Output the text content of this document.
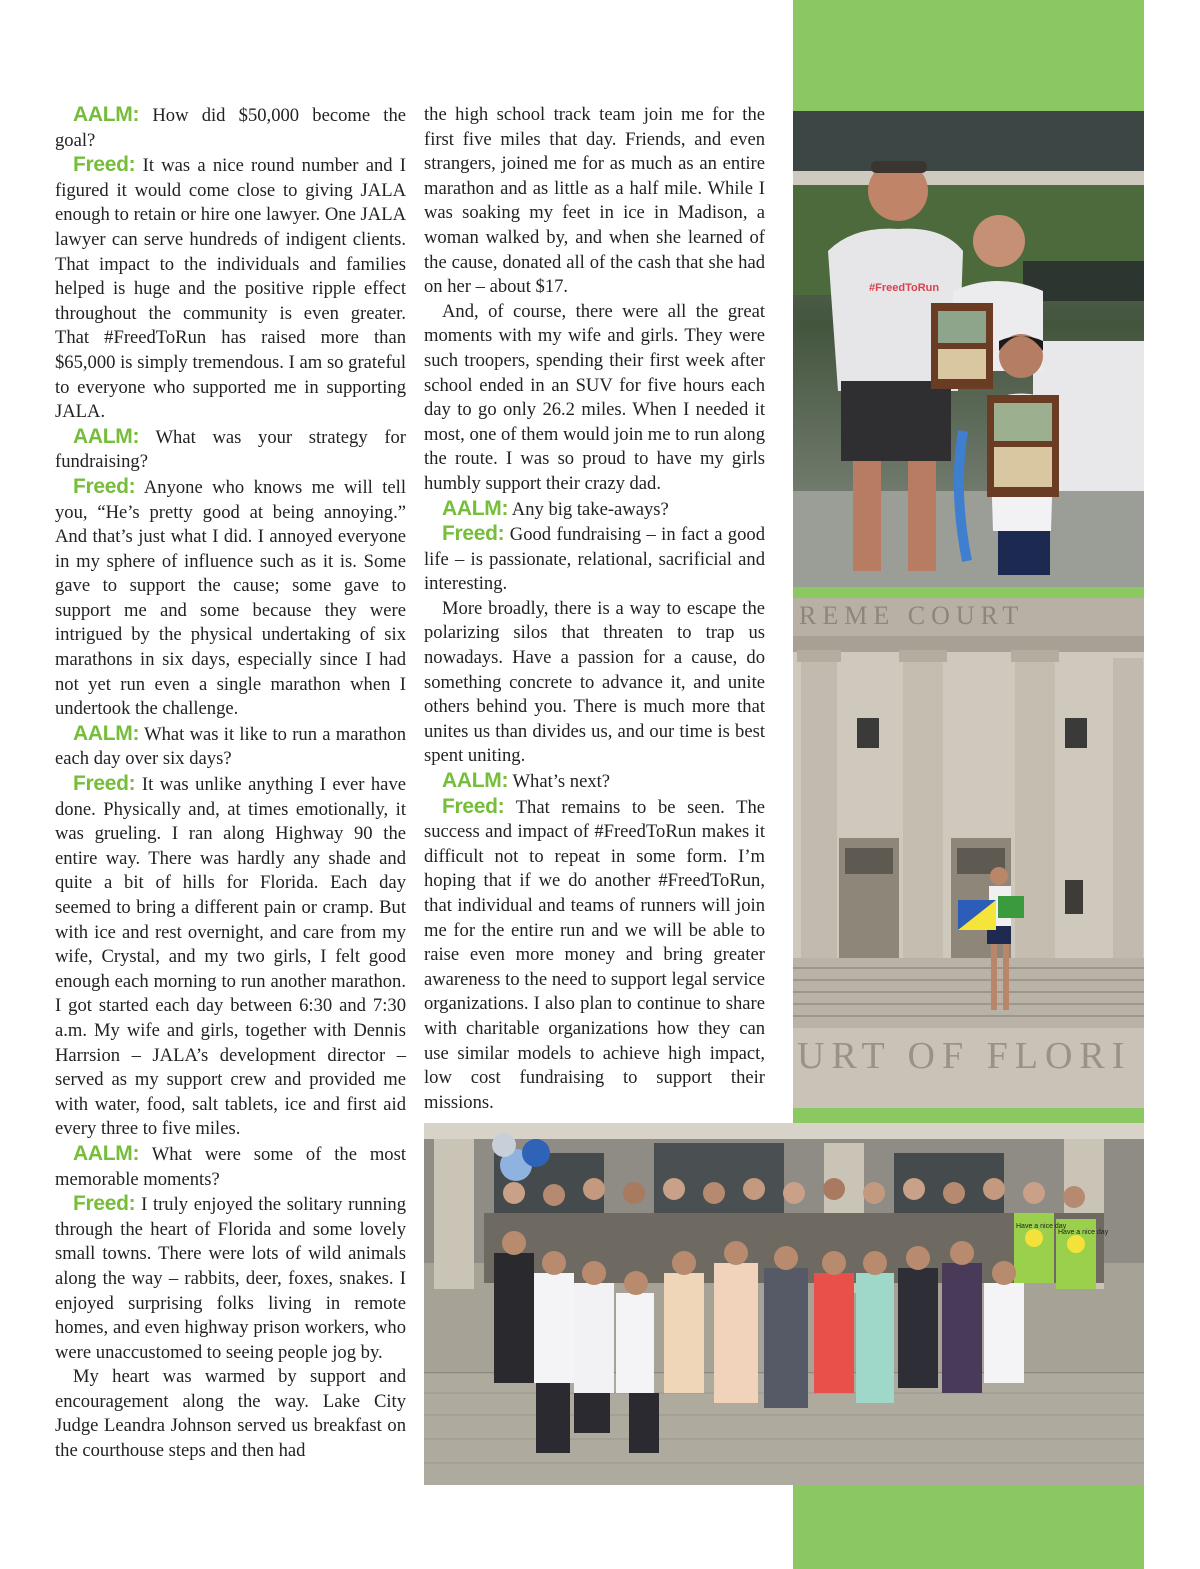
AALM: How did $50,000 become the goal?

Freed: It was a nice round number and I figured it would come close to giving JALA enough to retain or hire one lawyer. One JALA lawyer can serve hundreds of indigent clients. That impact to the individuals and families helped is huge and the positive ripple effect throughout the community is even greater. That #FreedToRun has raised more than $65,000 is simply tremendous. I am so grateful to everyone who supported me in supporting JALA.

AALM: What was your strategy for fundraising?

Freed: Anyone who knows me will tell you, “He’s pretty good at being annoying.” And that’s just what I did. I annoyed everyone in my sphere of influence such as it is. Some gave to support the cause; some gave to support me and some because they were intrigued by the physical undertaking of six marathons in six days, especially since I had not yet run even a single marathon when I undertook the challenge.

AALM: What was it like to run a marathon each day over six days?

Freed: It was unlike anything I ever have done. Physically and, at times emotionally, it was grueling. I ran along Highway 90 the entire way. There was hardly any shade and quite a bit of hills for Florida. Each day seemed to bring a different pain or cramp. But with ice and rest overnight, and care from my wife, Crystal, and my two girls, I felt good enough each morning to run another marathon. I got started each day between 6:30 and 7:30 a.m. My wife and girls, together with Dennis Harrsion – JALA’s development director – served as my support crew and provided me with water, food, salt tablets, ice and first aid every three to five miles.

AALM: What were some of the most memorable moments?

Freed: I truly enjoyed the solitary running through the heart of Florida and some lovely small towns. There were lots of wild animals along the way – rabbits, deer, foxes, snakes. I enjoyed surprising folks living in remote homes, and even highway prison workers, who were unaccustomed to seeing people jog by.

My heart was warmed by support and encouragement along the way. Lake City Judge Leandra Johnson served us breakfast on the courthouse steps and then had

the high school track team join me for the first five miles that day. Friends, and even strangers, joined me for as much as an entire marathon and as little as a half mile. While I was soaking my feet in ice in Madison, a woman walked by, and when she learned of the cause, donated all of the cash that she had on her – about $17.

And, of course, there were all the great moments with my wife and girls. They were such troopers, spending their first week after school ended in an SUV for five hours each day to go only 26.2 miles. When I needed it most, one of them would join me to run along the route. I was so proud to have my girls humbly support their crazy dad.

AALM: Any big take-aways?

Freed: Good fundraising – in fact a good life – is passionate, relational, sacrificial and interesting.

More broadly, there is a way to escape the polarizing silos that threaten to trap us nowadays. Have a passion for a cause, do something concrete to advance it, and unite others behind you. There is much more that unites us than divides us, and our time is best spent uniting.

AALM: What’s next?

Freed: That remains to be seen. The success and impact of #FreedToRun makes it difficult not to repeat in some form. I’m hoping that if we do another #FreedToRun, that individual and teams of runners will join me for the entire run and we will be able to raise even more money and bring greater awareness to the need to support legal service organizations. I also plan to continue to share with charitable organizations how they can use similar models to achieve high impact, low cost fundraising to support their missions.

#FreedToRun
REME COURT
URT OF FLORI
Have a nice day
Have a nice day
